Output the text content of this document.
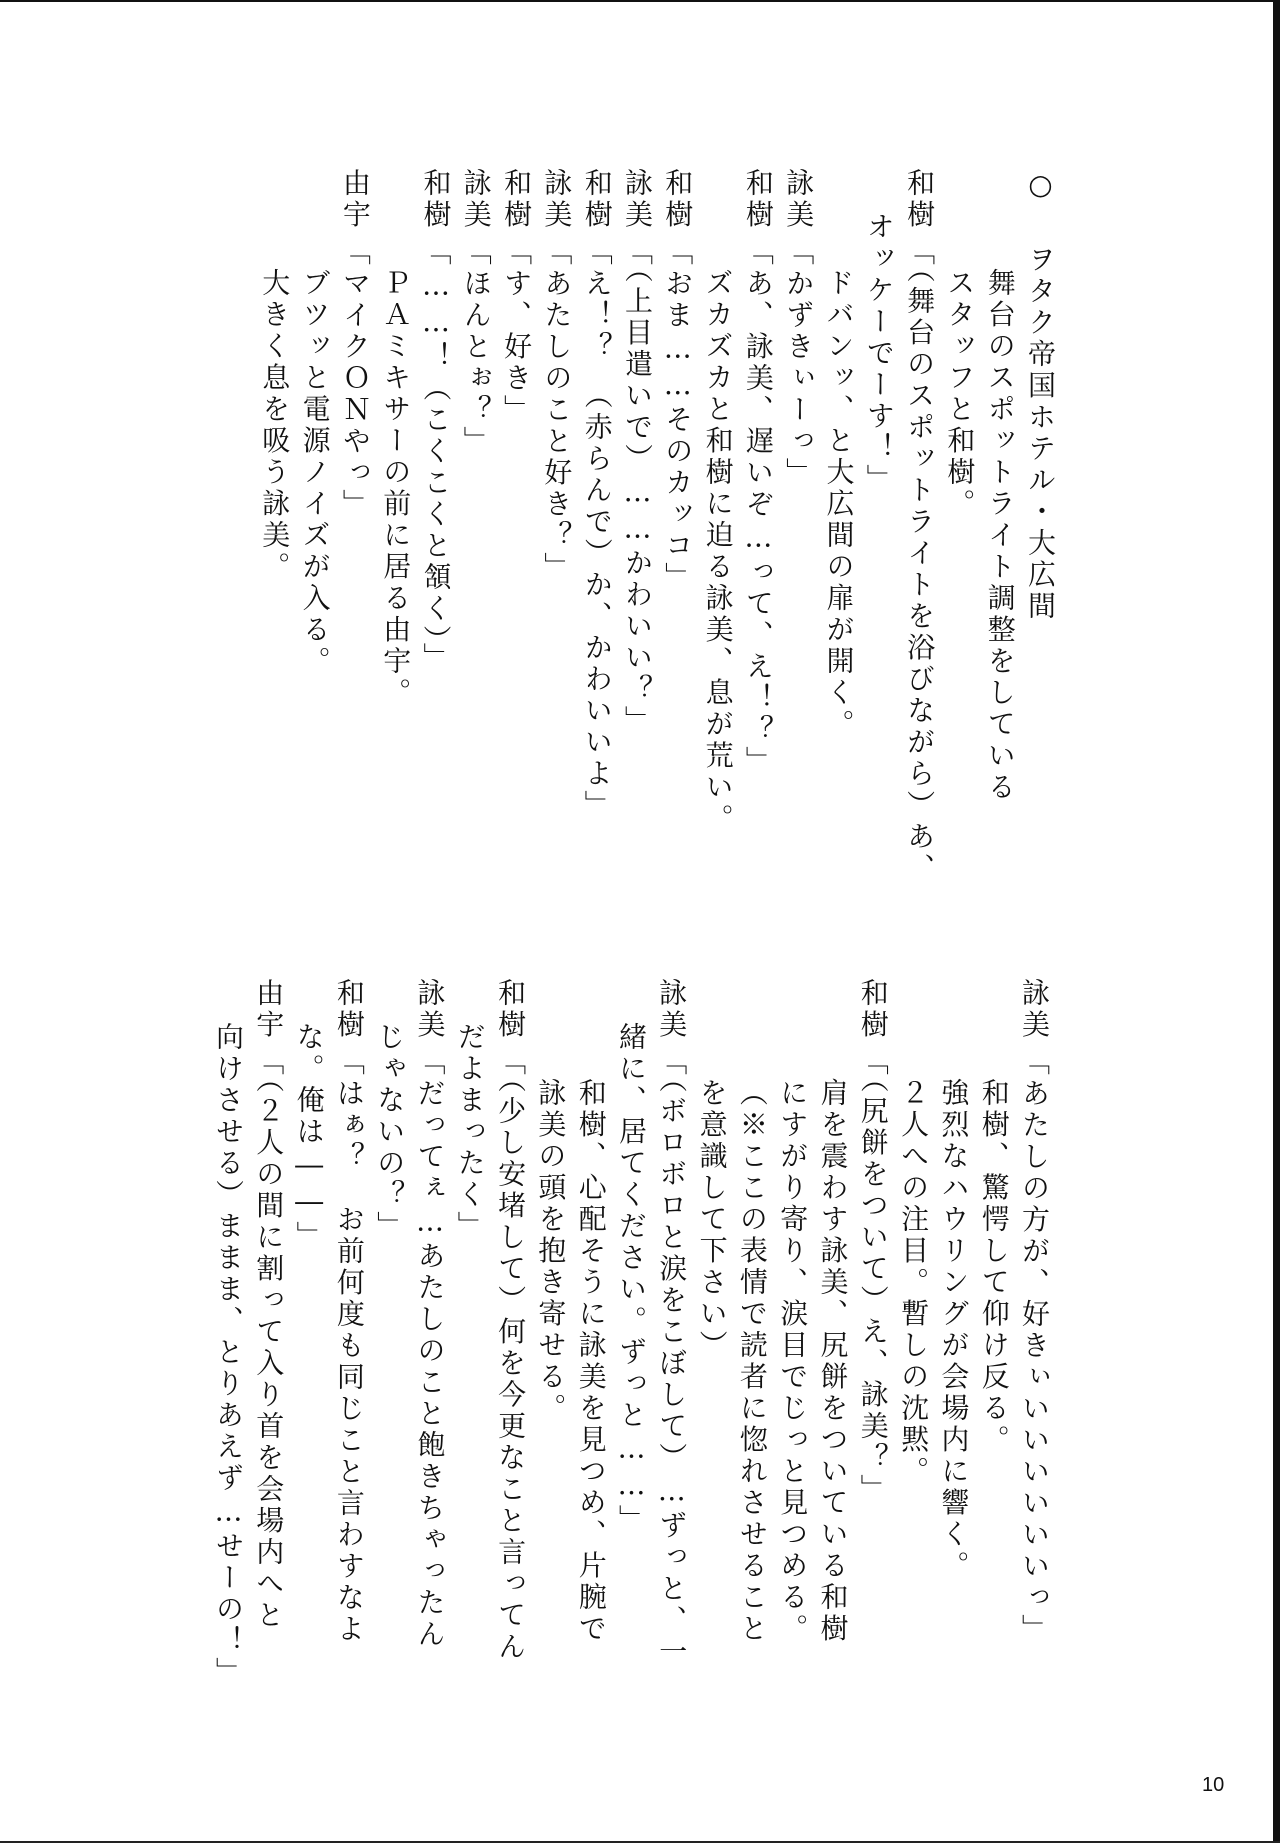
○ヲタク帝国ホテル・大広間
舞台のスポットライト調整をしている
スタッフと和樹。
和樹「（舞台のスポットライトを浴びながら）あ、
オッケーでーす！」
ドバンッ、と大広間の扉が開く。
詠美「かずきぃーっ」
和樹「あ、詠美、遅いぞ…って、え！？」
ズカズカと和樹に迫る詠美、息が荒い。
和樹「おま……そのカッコ」
詠美「（上目遣いで）……かわいい？」
和樹「え！？　（赤らんで）か、かわいいよ」
詠美「あたしのこと好き？」
和樹「す、好き」
詠美「ほんとぉ？」
和樹「……！（こくこくと頷く）」
ＰＡミキサーの前に居る由宇。
由宇「マイクＯＮやっ」
ブツッと電源ノイズが入る。
大きく息を吸う詠美。
詠美「あたしの方が、好きぃいいいいいいっ」
和樹、驚愕して仰け反る。
強烈なハウリングが会場内に響く。
２人への注目。暫しの沈黙。
和樹「（尻餅をついて）え、詠美？」
肩を震わす詠美、尻餅をついている和樹
にすがり寄り、涙目でじっと見つめる。
（※ここの表情で読者に惚れさせること
を意識して下さい）
詠美「（ボロボロと涙をこぼして）…ずっと、一
緒に、居てください。ずっと……」
和樹、心配そうに詠美を見つめ、片腕で
詠美の頭を抱き寄せる。
和樹「（少し安堵して）何を今更なこと言ってん
だよまったく」
詠美「だってぇ…あたしのこと飽きちゃったん
じゃないの？」
和樹「はぁ？　お前何度も同じこと言わすなよ
な。俺は――」
由宇「（２人の間に割って入り首を会場内へと
向けさせる）ままま、とりあえず…せーの！」
10
